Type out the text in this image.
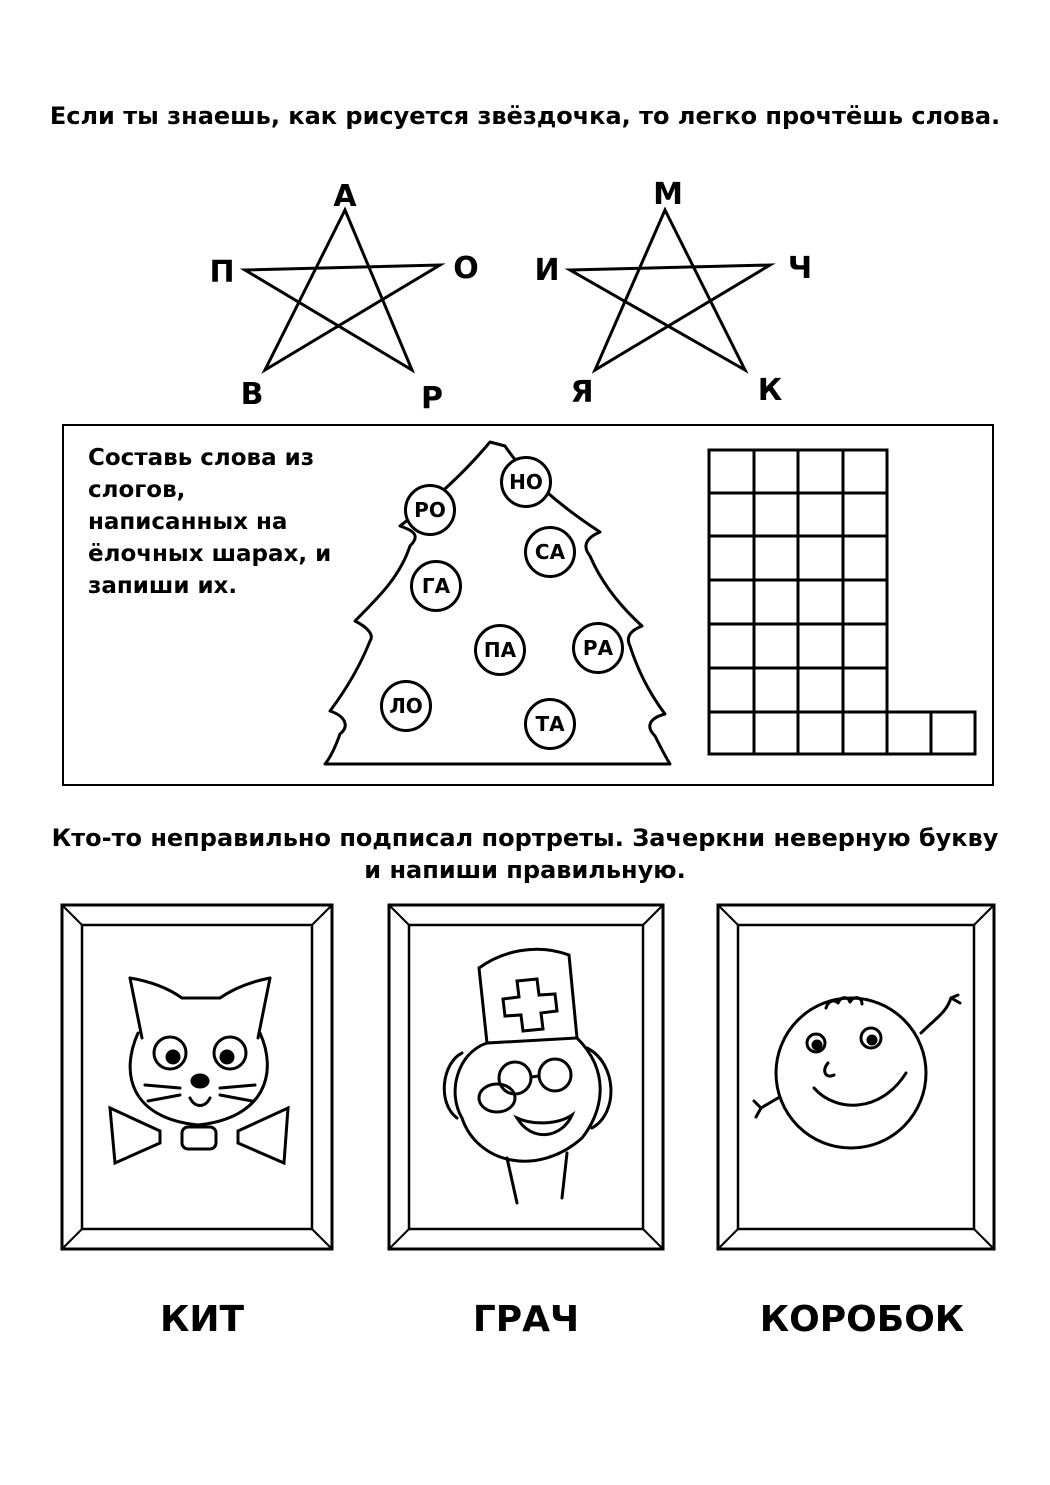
Если ты знаешь, как рисуется звёздочка, то легко прочтёшь слова.

А
О
Р
В
П
М
Ч
К
Я
И

Составь слова из слогов, написанных на ёлочных шарах, и запиши их.

РО
НО
СА
ГА
ПА	РА
ЛО
ТА

Кто-то неправильно подписал портреты. Зачеркни неверную букву и напиши правильную.

КИТ	ГРАЧ	КОРОБОК
